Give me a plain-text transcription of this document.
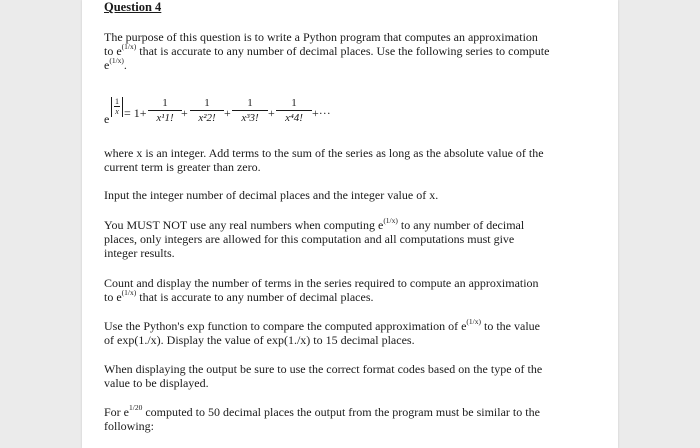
Question 4

The purpose of this question is to write a Python program that computes an approximation
to $e^{(1/x)}$ that is accurate to any number of decimal places. Use the following series to compute
$e^{(1/x)}$.

e
1
x = 1+
1
x¹1! +
1
x²2! +
1
x³3! +
1
x⁴4! +···

where x is an integer. Add terms to the sum of the series as long as the absolute value of the
current term is greater than zero.

Input the integer number of decimal places and the integer value of x.

You MUST NOT use any real numbers when computing $e^{(1/x)}$ to any number of decimal
places, only integers are allowed for this computation and all computations must give
integer results.

Count and display the number of terms in the series required to compute an approximation
to $e^{(1/x)}$ that is accurate to any number of decimal places.

Use the Python's exp function to compare the computed approximation of $e^{(1/x)}$ to the value
of exp(1./x). Display the value of exp(1./x) to 15 decimal places.

When displaying the output be sure to use the correct format codes based on the type of the
value to be displayed.

For $e^{1/20}$ computed to 50 decimal places the output from the program must be similar to the
following:
